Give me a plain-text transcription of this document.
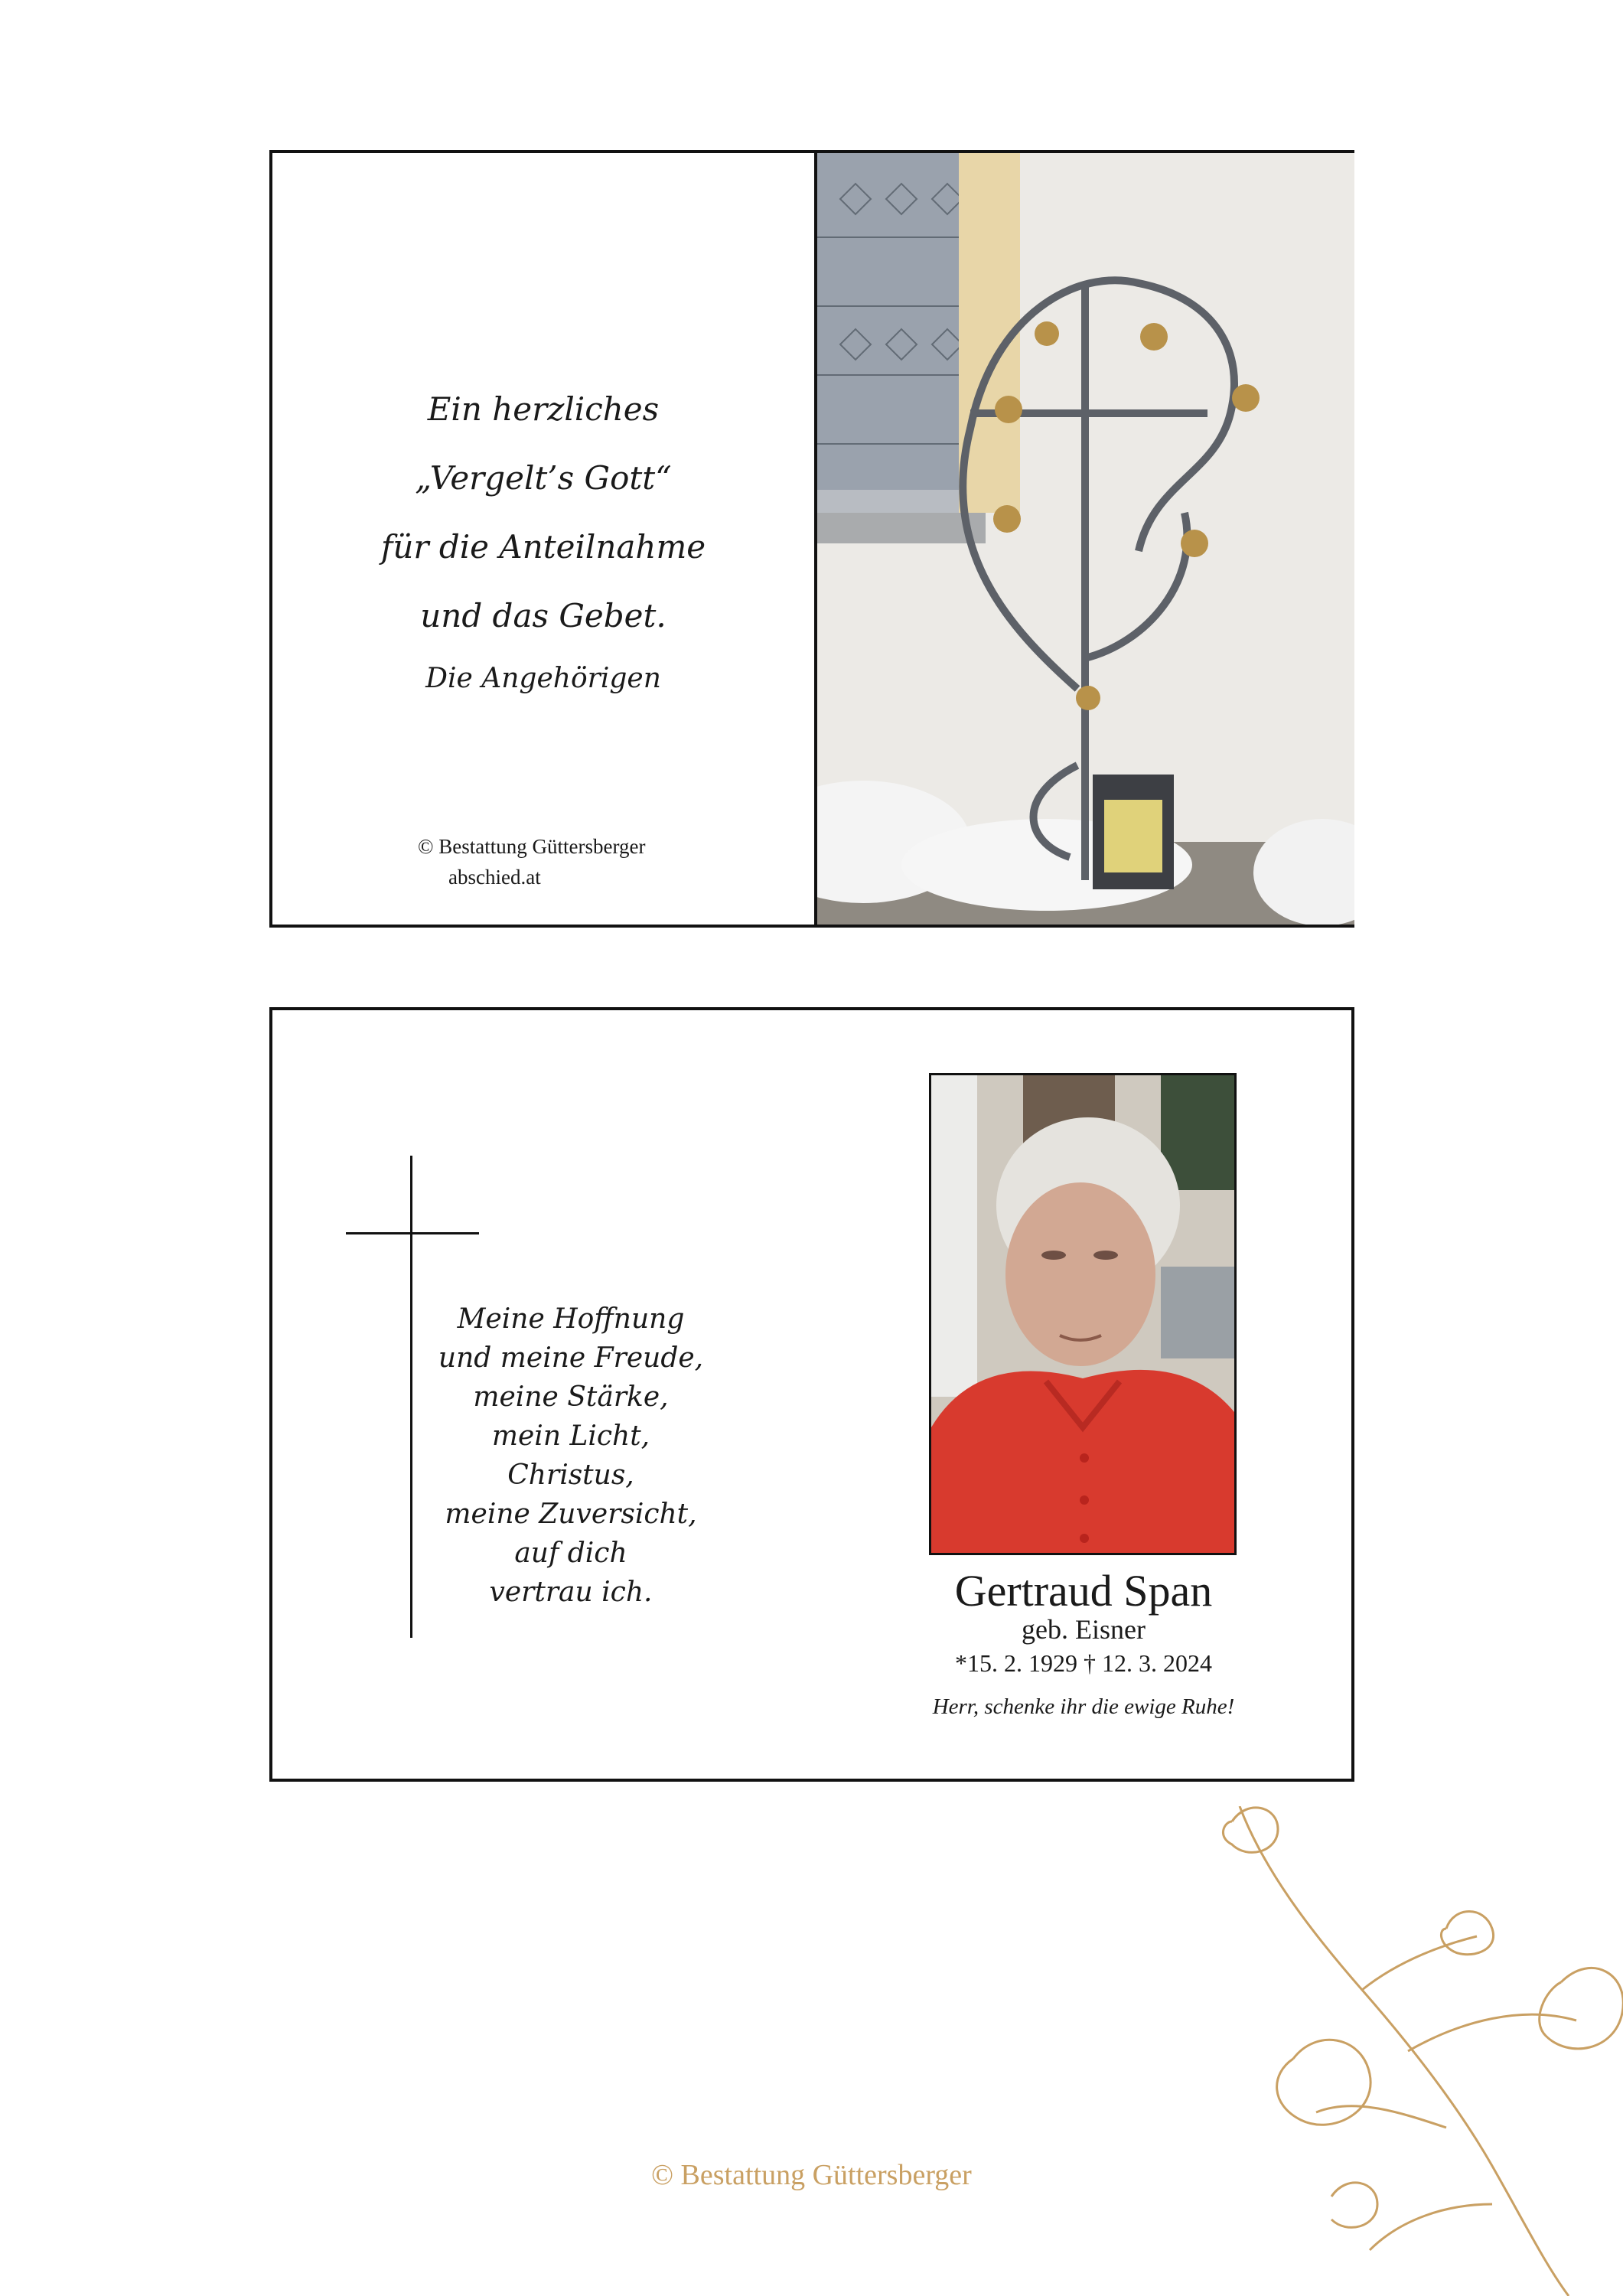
Ein herzliches
„Vergelt’s Gott“
für die Anteilnahme
und das Gebet.
Die Angehörigen
© Bestattung Güttersberger
abschied.at
Meine Hoffnung
und meine Freude,
meine Stärke,
mein Licht,
Christus,
meine Zuversicht,
auf dich
vertrau ich.	Gertraud Span
geb. Eisner
*15. 2. 1929 † 12. 3. 2024
Herr, schenke ihr die ewige Ruhe!
© Bestattung Güttersberger
